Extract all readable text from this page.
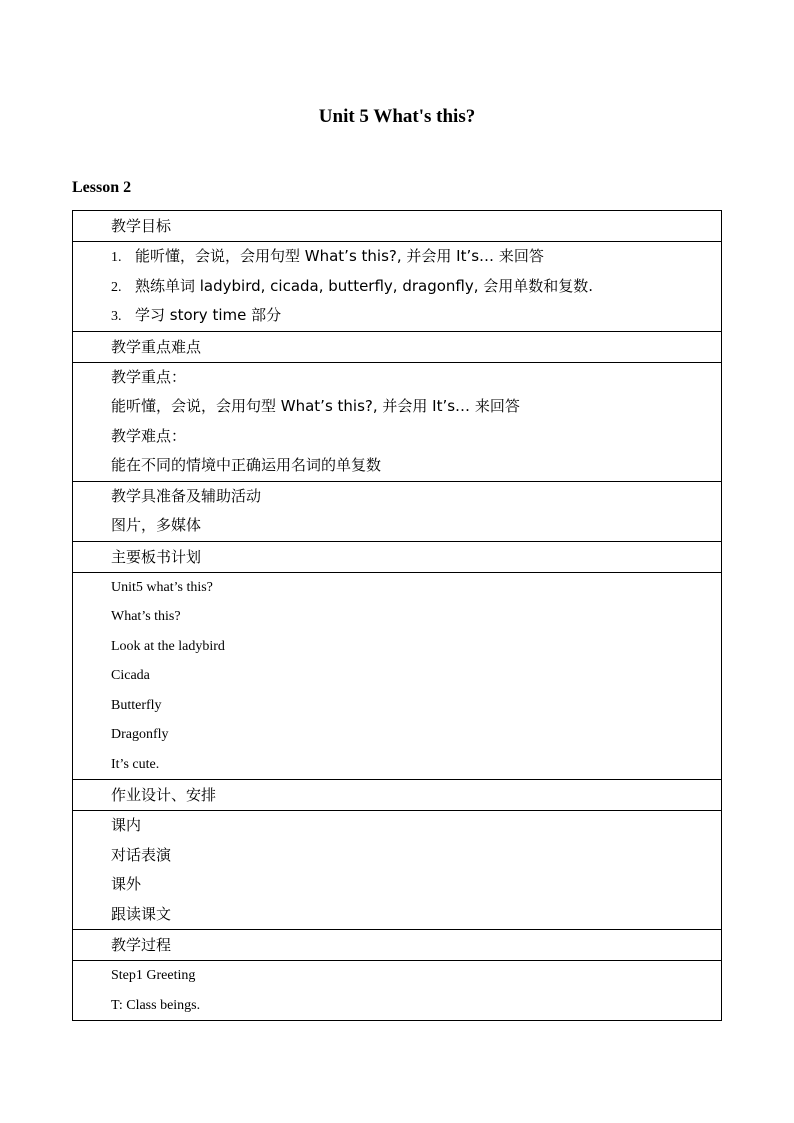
Unit 5 What's this?
Lesson 2
教学目标

1. 能听懂，会说，会用句型 What’s this?, 并会用 It’s… 来回答
2. 熟练单词 ladybird, cicada, butterfly, dragonfly, 会用单数和复数.
3. 学习 story time 部分

教学重点难点

教学重点：
能听懂，会说，会用句型 What’s this?, 并会用 It’s… 来回答
教学难点：
能在不同的情境中正确运用名词的单复数

教学具准备及辅助活动
图片，多媒体

主要板书计划

Unit5 what’s this?
What’s this?
Look at the ladybird
Cicada
Butterfly
Dragonfly
It’s cute.

作业设计、安排

课内
对话表演
课外
跟读课文

教学过程

Step1 Greeting
T: Class beings.
